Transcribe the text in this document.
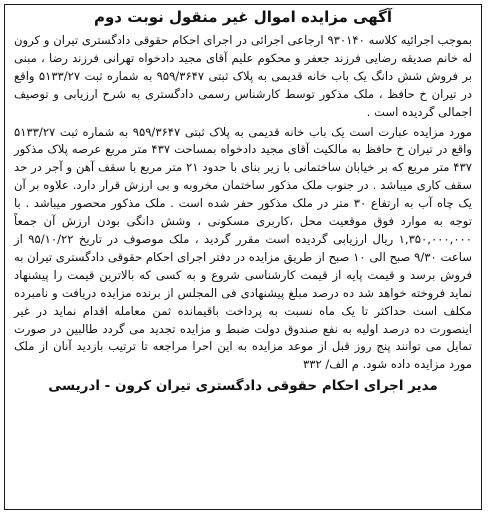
آگهی مزایده اموال غیر منقول نوبت دوم

بموجب اجرائیه کلاسه ۹۳۰۱۴۰ ارجاعی اجرائی در اجرای احکام حقوقی دادگستری تیران و کرون له خانم صدیقه رضایی فرزند جعفر و محکوم علیم آقای مجید دادخواه تهرانی فرزند رضا ، مبنی بر فروش شش دانگ یک باب خانه قدیمی به پلاک ثبتی ۹۵۹/۳۶۴۷ به شماره ثبت ۵۱۳۳/۲۷ واقع در تیران خ حافظ ، ملک مذکور توسط کارشناس رسمی دادگستری به شرح ارزیابی و توصیف اجمالی گردیده است .

مورد مزایده عبارت است یک باب خانه قدیمی به پلاک ثبتی ۹۵۹/۳۶۴۷ به شماره ثبت ۵۱۳۳/۲۷ واقع در تیران خ حافظ به مالکیت آقای مجید دادخواه بمساحت ۴۳۷ متر مربع عرصه پلاک مذکور ۴۳۷ متر مربع که بر خیابان ساختمانی با زیر بنای با حدود ۲۱ متر مربع با سقف آهن و آجر در حد سقف کاری میباشد . در جنوب ملک مذکور ساختمان مخروبه و بی ارزش قرار دارد. علاوه بر آن یک چاه آب به ارتفاع ۳۰ متر در ملک مذکور حفر شده است . ملک مذکور محصور میباشد . با توجه به موارد فوق موقعیت محل ،کاربری مسکونی ، وشش دانگی بودن ارزش آن جمعاً ۱,۳۵۰,۰۰۰,۰۰۰ ریال ارزیابی گردیده است مقرر گردید ، ملک موصوف در تاریخ ۹۵/۱۰/۲۲ از ساعت ۹/۳۰ صبح الی ۱۰ صبح از طریق مزایده در دفتر اجرای احکام حقوقی دادگستری تیران به فروش برسد و قیمت پایه از قیمت کارشناسی شروع و به کسی که بالاترین قیمت را پیشنهاد نماید فروخته خواهد شد ده درصد مبلغ پیشنهادی فی المجلس از برنده مزایده دریافت و نامبرده مکلف است حداکثر تا یک ماه نسبت به پرداخت باقیمانده ثمن معامله اقدام نماید در غیر اینصورت ده درصد اولیه به نفع صندوق دولت ضبط و مزایده تجدید می گردد طالبین در صورت تمایل می توانند پنج روز قبل از موعد مزایده به این احرا مراجعه تا ترتیب بازدید آنان از ملک مورد مزایده داده شود. م الف/ ۳۳۲

مدیر اجرای احکام حقوقی دادگستری تیران کرون - ادریسی
